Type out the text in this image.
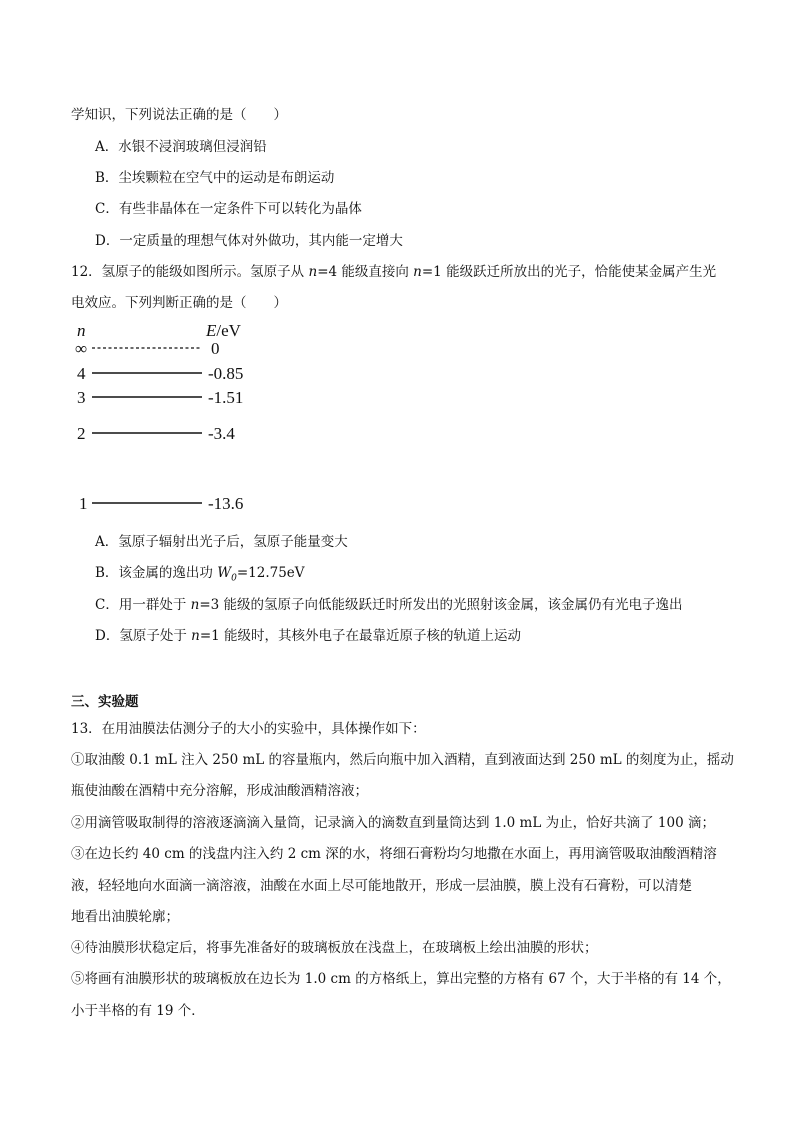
学知识，下列说法正确的是（　　）
A．水银不浸润玻璃但浸润铅
B．尘埃颗粒在空气中的运动是布朗运动
C．有些非晶体在一定条件下可以转化为晶体
D．一定质量的理想气体对外做功，其内能一定增大
12．氢原子的能级如图所示。氢原子从 n=4 能级直接向 n=1 能级跃迁所放出的光子，恰能使某金属产生光
电效应。下列判断正确的是（　　）
n	E/eV
∞	0
4	-0.85
3	-1.51
2	-3.4
1	-13.6
A．氢原子辐射出光子后，氢原子能量变大
B．该金属的逸出功 $W_0=12.75eV$
C．用一群处于 n=3 能级的氢原子向低能级跃迁时所发出的光照射该金属，该金属仍有光电子逸出
D．氢原子处于 n=1 能级时，其核外电子在最靠近原子核的轨道上运动
三、实验题
13．在用油膜法估测分子的大小的实验中，具体操作如下：
①取油酸 0.1 mL 注入 250 mL 的容量瓶内，然后向瓶中加入酒精，直到液面达到 250 mL 的刻度为止，摇动
瓶使油酸在酒精中充分溶解，形成油酸酒精溶液；
②用滴管吸取制得的溶液逐滴滴入量筒，记录滴入的滴数直到量筒达到 1.0 mL 为止，恰好共滴了 100 滴；
③在边长约 40 cm 的浅盘内注入约 2 cm 深的水，将细石膏粉均匀地撒在水面上，再用滴管吸取油酸酒精溶
液，轻轻地向水面滴一滴溶液，油酸在水面上尽可能地散开，形成一层油膜，膜上没有石膏粉，可以清楚
地看出油膜轮廓；
④待油膜形状稳定后，将事先准备好的玻璃板放在浅盘上，在玻璃板上绘出油膜的形状；
⑤将画有油膜形状的玻璃板放在边长为 1.0 cm 的方格纸上，算出完整的方格有 67 个，大于半格的有 14 个，
小于半格的有 19 个．
